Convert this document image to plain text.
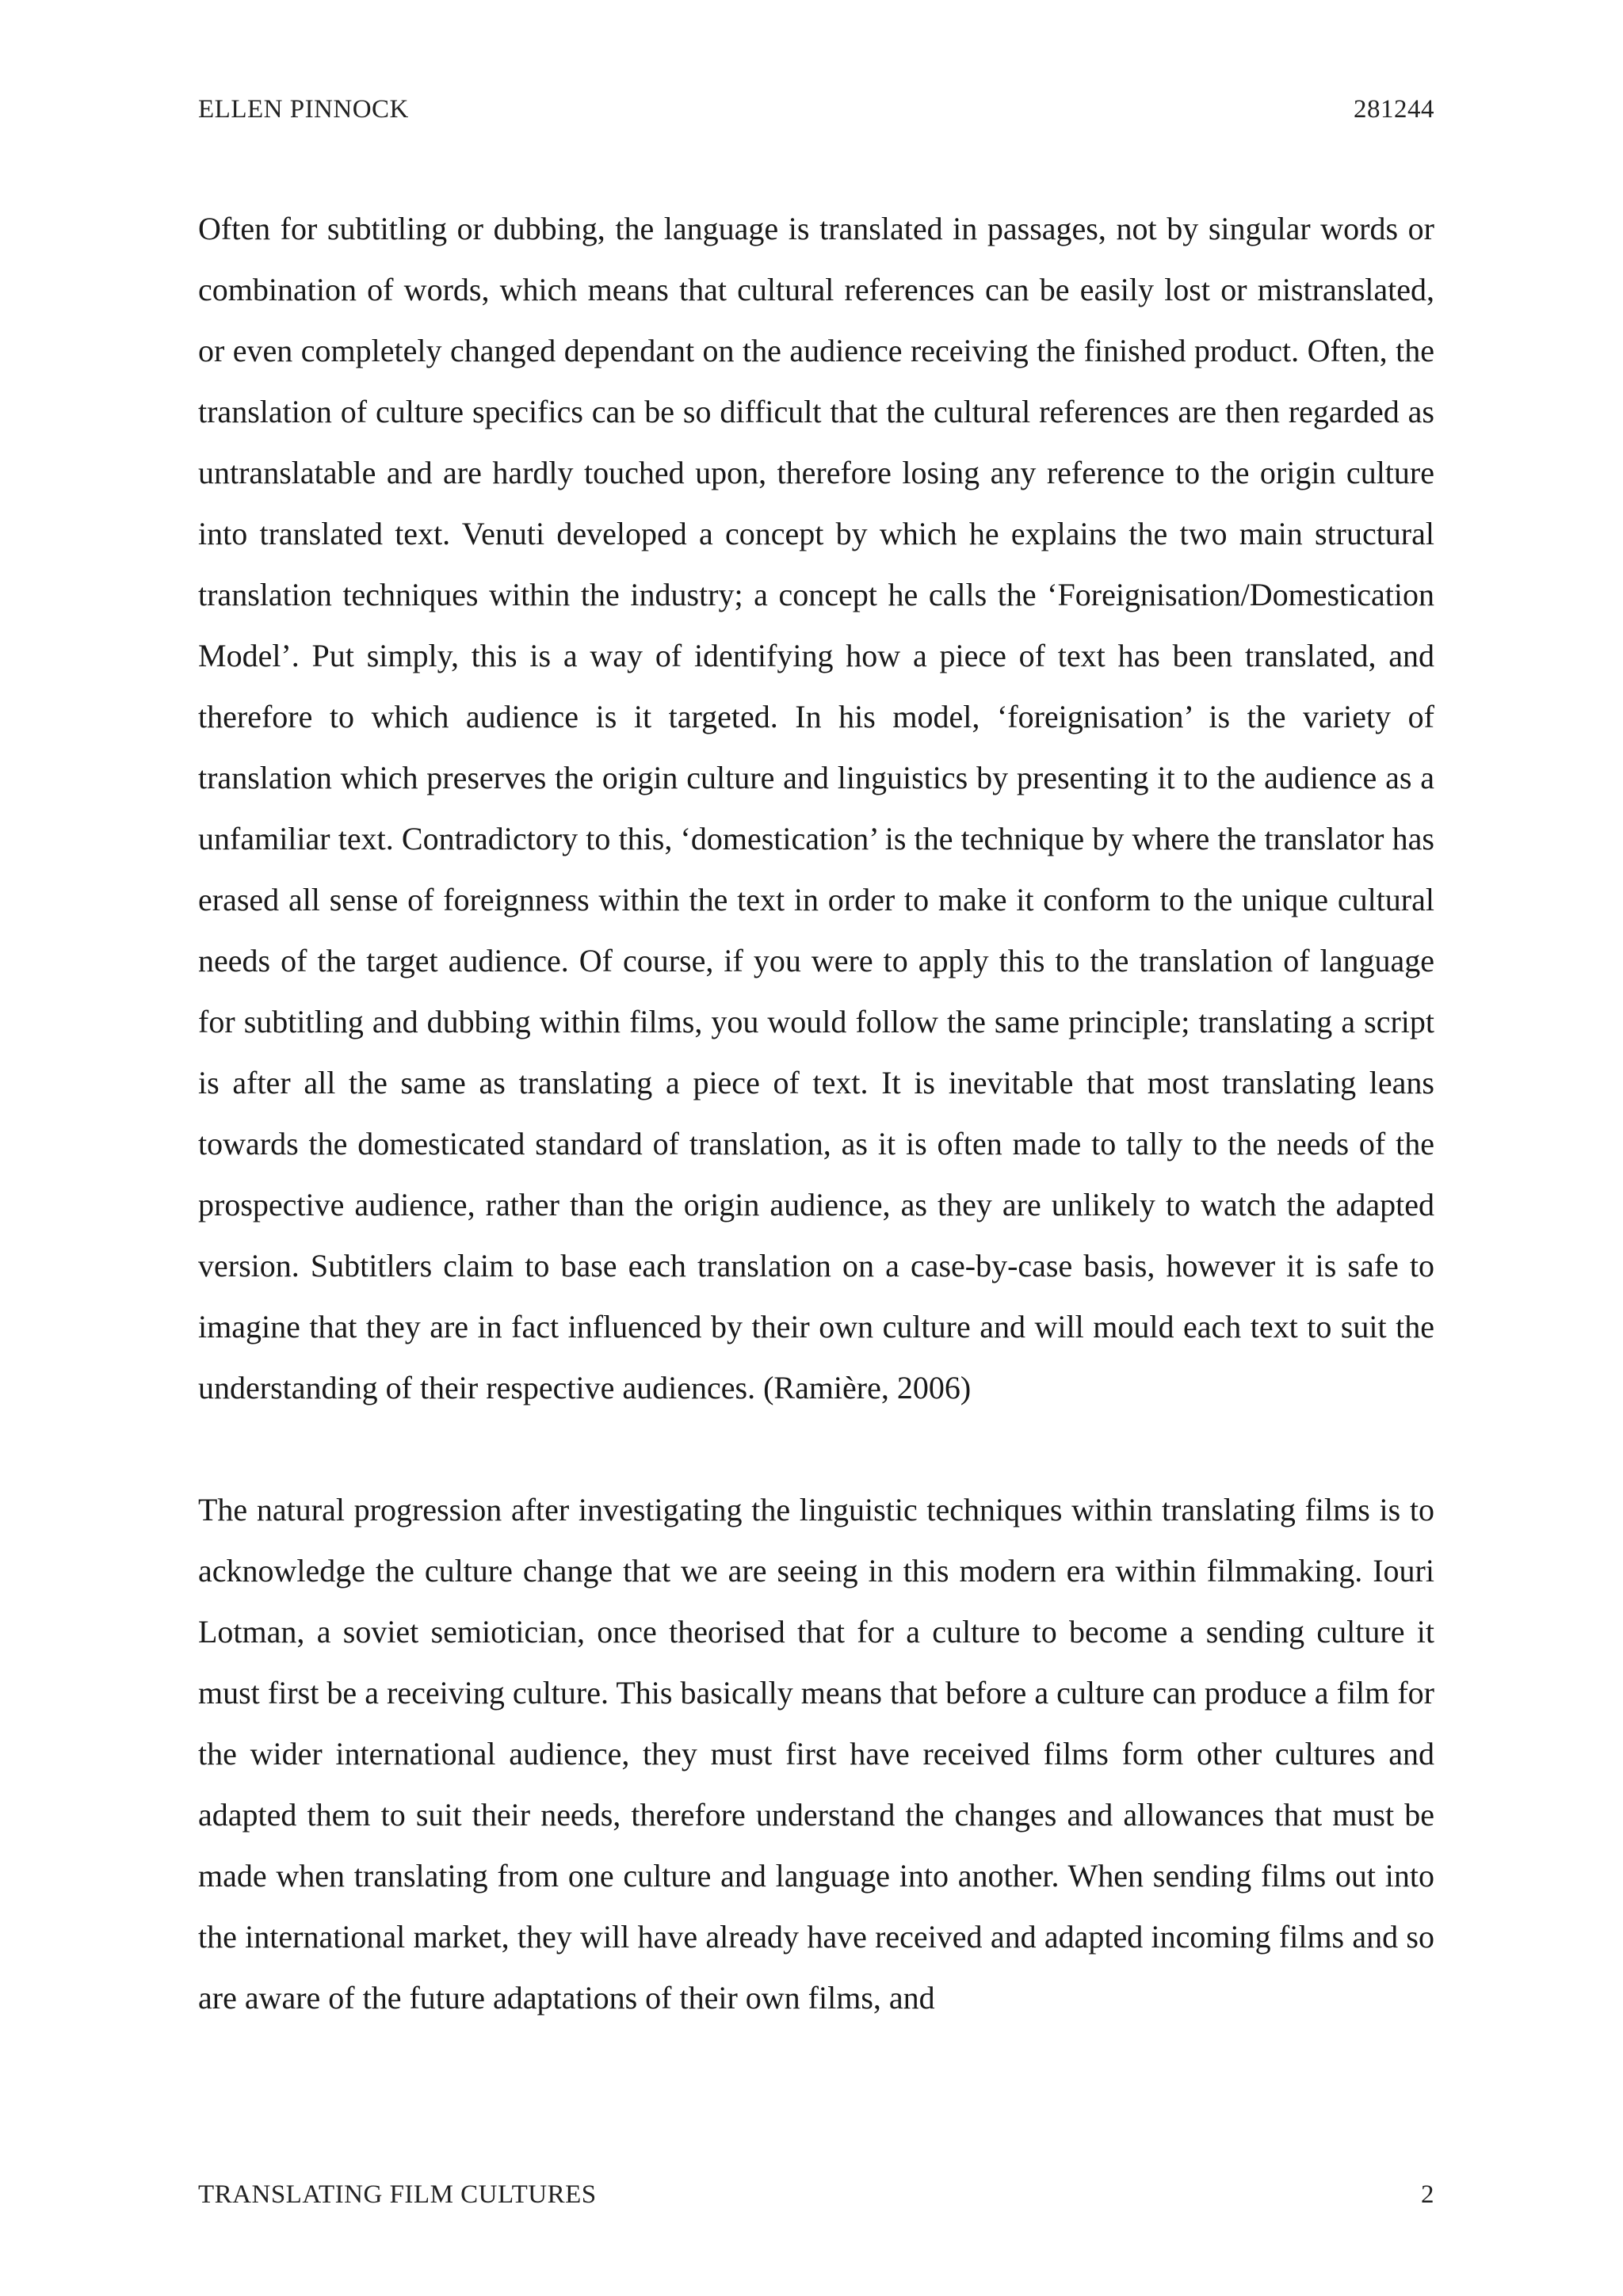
ELLEN PINNOCK	281244

Often for subtitling or dubbing, the language is translated in passages, not by singular words or combination of words, which means that cultural references can be easily lost or mistranslated, or even completely changed dependant on the audience receiving the finished product. Often, the translation of culture specifics can be so difficult that the cultural references are then regarded as untranslatable and are hardly touched upon, therefore losing any reference to the origin culture into translated text. Venuti developed a concept by which he explains the two main structural translation techniques within the industry; a concept he calls the ‘Foreignisation/Domestication Model’. Put simply, this is a way of identifying how a piece of text has been translated, and therefore to which audience is it targeted. In his model, ‘foreignisation’ is the variety of translation which preserves the origin culture and linguistics by presenting it to the audience as a unfamiliar text. Contradictory to this, ‘domestication’ is the technique by where the translator has erased all sense of foreignness within the text in order to make it conform to the unique cultural needs of the target audience. Of course, if you were to apply this to the translation of language for subtitling and dubbing within films, you would follow the same principle; translating a script is after all the same as translating a piece of text. It is inevitable that most translating leans towards the domesticated standard of translation, as it is often made to tally to the needs of the prospective audience, rather than the origin audience, as they are unlikely to watch the adapted version. Subtitlers claim to base each translation on a case-by-case basis, however it is safe to imagine that they are in fact influenced by their own culture and will mould each text to suit the understanding of their respective audiences. (Ramière, 2006)

The natural progression after investigating the linguistic techniques within translating films is to acknowledge the culture change that we are seeing in this modern era within filmmaking. Iouri Lotman, a soviet semiotician, once theorised that for a culture to become a sending culture it must first be a receiving culture. This basically means that before a culture can produce a film for the wider international audience, they must first have received films form other cultures and adapted them to suit their needs, therefore understand the changes and allowances that must be made when translating from one culture and language into another. When sending films out into the international market, they will have already have received and adapted incoming films and so are aware of the future adaptations of their own films, and

TRANSLATING FILM CULTURES	2
